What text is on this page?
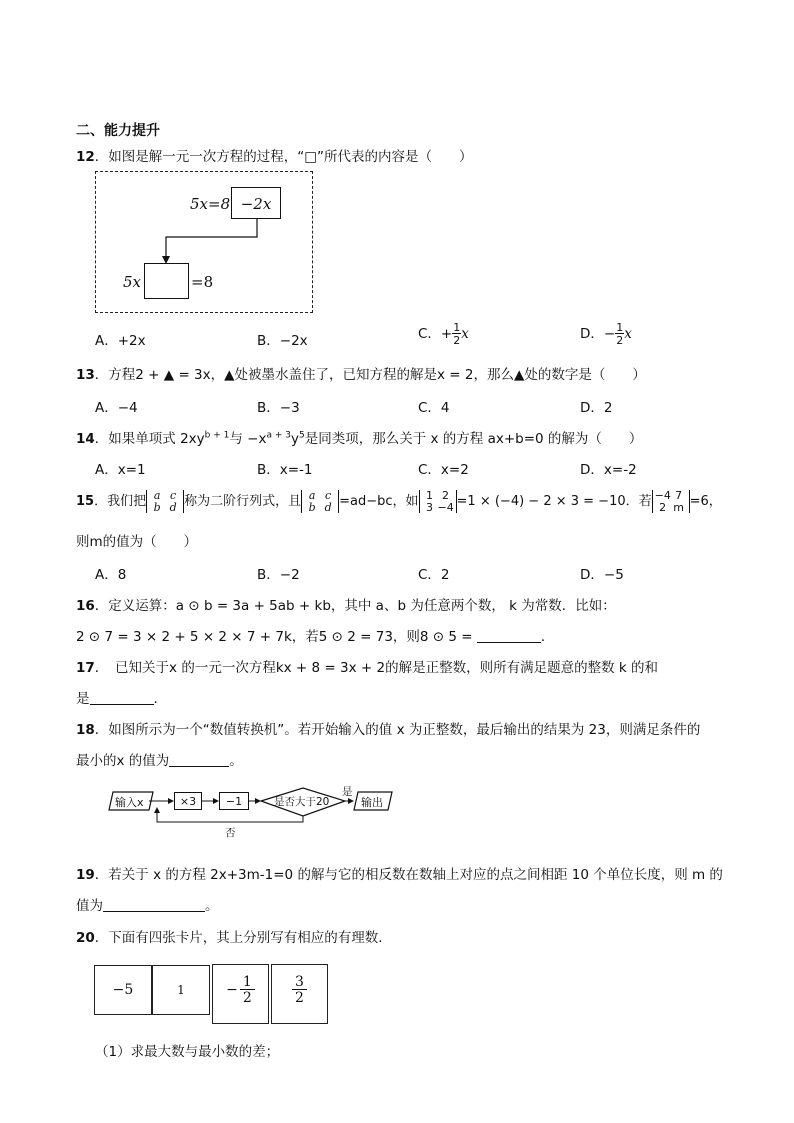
二、能力提升
12．如图是解一元一次方程的过程，“□”所代表的内容是（　　）
5x=8 −2x
5x	=8
A．+2x	B．−2x	C．+ $\frac{1}{2}$ x	D．− $\frac{1}{2}$ x
13．方程2 + ▲ = 3x，▲处被墨水盖住了，已知方程的解是x = 2，那么▲处的数字是（　　）
A．−4	B．−3	C．4	D．2
14．如果单项式 $2xy^{b + 1}$与 $-x^{a + 3}y^5$是同类项，那么关于 x 的方程 ax+b=0 的解为（　　）
A．x=1	B．x=-1	C．x=2	D．x=-2
15．我们把 a c
b d 称为二阶行列式，且 a c
b d =ad−bc，如 1 2
3 −4 =1 × (−4) − 2 × 3 = −10．若 −4 7
2 m =6，
则m的值为（　　）
A．8	B．−2	C．2	D．−5
16．定义运算：a ⊙ b = 3a + 5ab + kb，其中 a、b 为任意两个数， k 为常数．比如：
2 ⊙ 7 = 3 × 2 + 5 × 2 × 7 + 7k，若5 ⊙ 2 = 73，则8 ⊙ 5 =	．
17．　已知关于x 的一元一次方程kx + 8 = 3x + 2的解是正整数，则所有满足题意的整数 k 的和
是	．
18．如图所示为一个“数值转换机”。若开始输入的值 x 为正整数，最后输出的结果为 23，则满足条件的
最小的x 的值为	。
输入x	×3	−1	是否大于20
是
输出
否
19．若关于 x 的方程 2x+3m-1=0 的解与它的相反数在数轴上对应的点之间相距 10 个单位长度，则 m 的
值为	。
20．下面有四张卡片，其上分别写有相应的有理数．
−5	1	− $\frac{1}{2}$	$\frac{3}{2}$
（1）求最大数与最小数的差；
